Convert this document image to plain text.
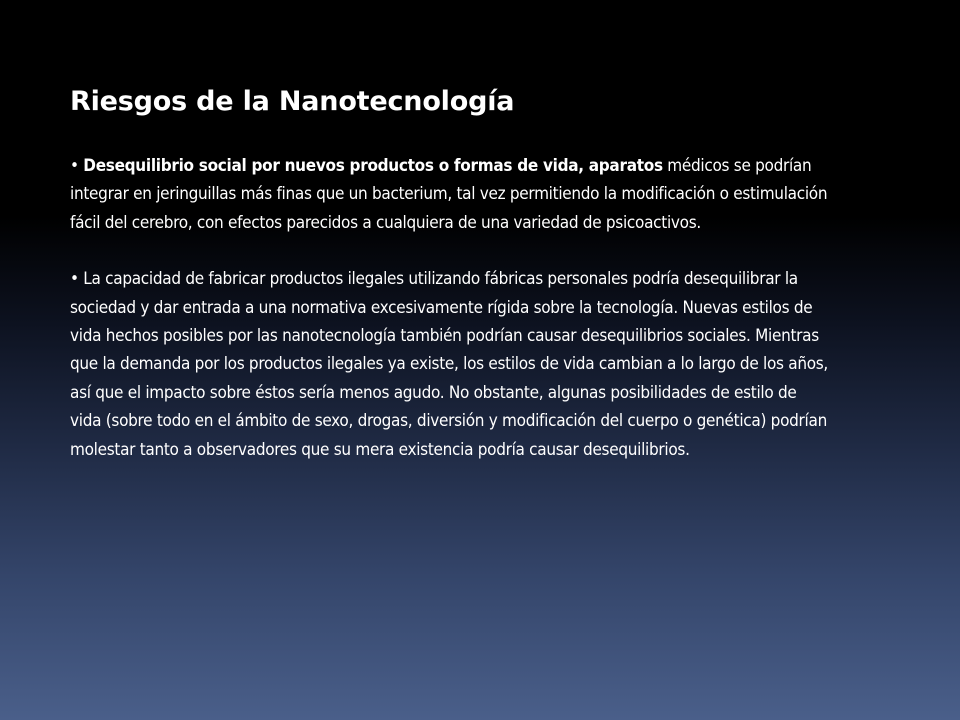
Riesgos de la Nanotecnología

• Desequilibrio social por nuevos productos o formas de vida, aparatos médicos se podrían integrar en jeringuillas más finas que un bacterium, tal vez permitiendo la modificación o estimulación fácil del cerebro, con efectos parecidos a cualquiera de una variedad de psicoactivos.

• La capacidad de fabricar productos ilegales utilizando fábricas personales podría desequilibrar la sociedad y dar entrada a una normativa excesivamente rígida sobre la tecnología. Nuevas estilos de vida hechos posibles por las nanotecnología también podrían causar desequilibrios sociales. Mientras que la demanda por los productos ilegales ya existe, los estilos de vida cambian a lo largo de los años, así que el impacto sobre éstos sería menos agudo. No obstante, algunas posibilidades de estilo de vida (sobre todo en el ámbito de sexo, drogas, diversión y modificación del cuerpo o genética) podrían molestar tanto a observadores que su mera existencia podría causar desequilibrios.
